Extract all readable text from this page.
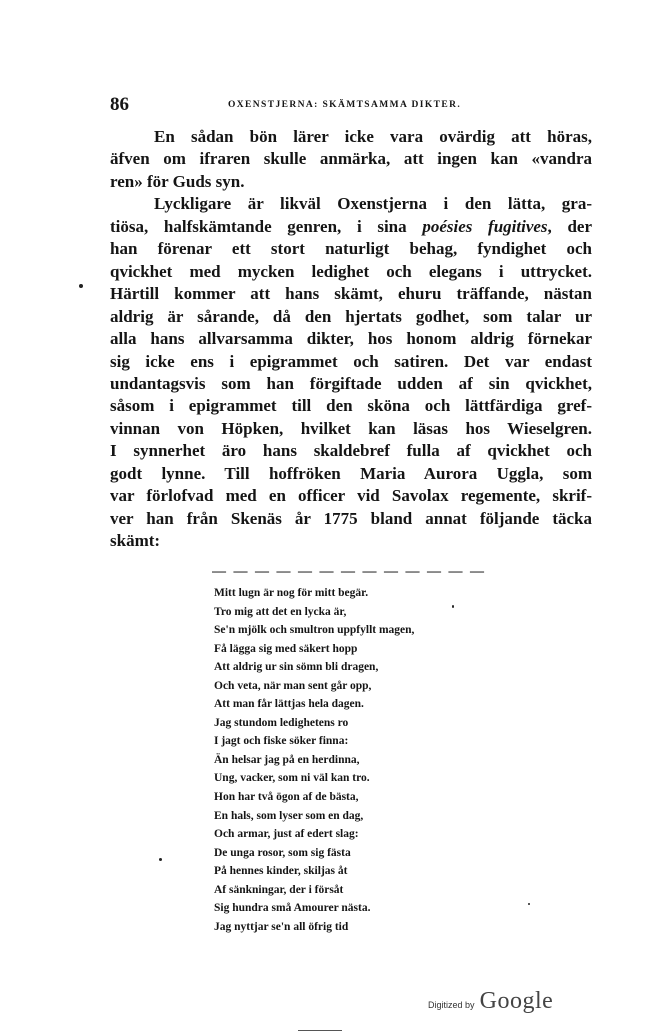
86	OXENSTJERNA: SKÄMTSAMMA DIKTER.
En sådan bön lärer icke vara ovärdig att höras,
äfven om ifraren skulle anmärka, att ingen kan «vandra
ren» för Guds syn.
Lyckligare är likväl Oxenstjerna i den lätta, gra-
tiösa, halfskämtande genren, i sina poésies fugitives, der
han förenar ett stort naturligt behag, fyndighet och
qvickhet med mycken ledighet och elegans i uttrycket.
Härtill kommer att hans skämt, ehuru träffande, nästan
aldrig är sårande, då den hjertats godhet, som talar ur
alla hans allvarsamma dikter, hos honom aldrig förnekar
sig icke ens i epigrammet och satiren. Det var endast
undantagsvis som han förgiftade udden af sin qvickhet,
såsom i epigrammet till den sköna och lättfärdiga gref-
vinnan von Höpken, hvilket kan läsas hos Wieselgren.
I synnerhet äro hans skaldebref fulla af qvickhet och
godt lynne. Till hoffröken Maria Aurora Uggla, som
var förlofvad med en officer vid Savolax regemente, skrif-
ver han från Skenäs år 1775 bland annat följande täcka
skämt:
— — — — — — — — — — — — —
Mitt lugn är nog för mitt begär.
Tro mig att det en lycka är,
Se'n mjölk och smultron uppfyllt magen,
Få lägga sig med säkert hopp
Att aldrig ur sin sömn bli dragen,
Och veta, när man sent går opp,
Att man får lättjas hela dagen.
Jag stundom ledighetens ro
I jagt och fiske söker finna:
Än helsar jag på en herdinna,
Ung, vacker, som ni väl kan tro.
Hon har två ögon af de bästa,
En hals, som lyser som en dag,
Och armar, just af edert slag:
De unga rosor, som sig fästa
På hennes kinder, skiljas åt
Af sänkningar, der i försåt
Sig hundra små Amourer nästa.
Jag nyttjar se'n all öfrig tid
Digitized by Google
